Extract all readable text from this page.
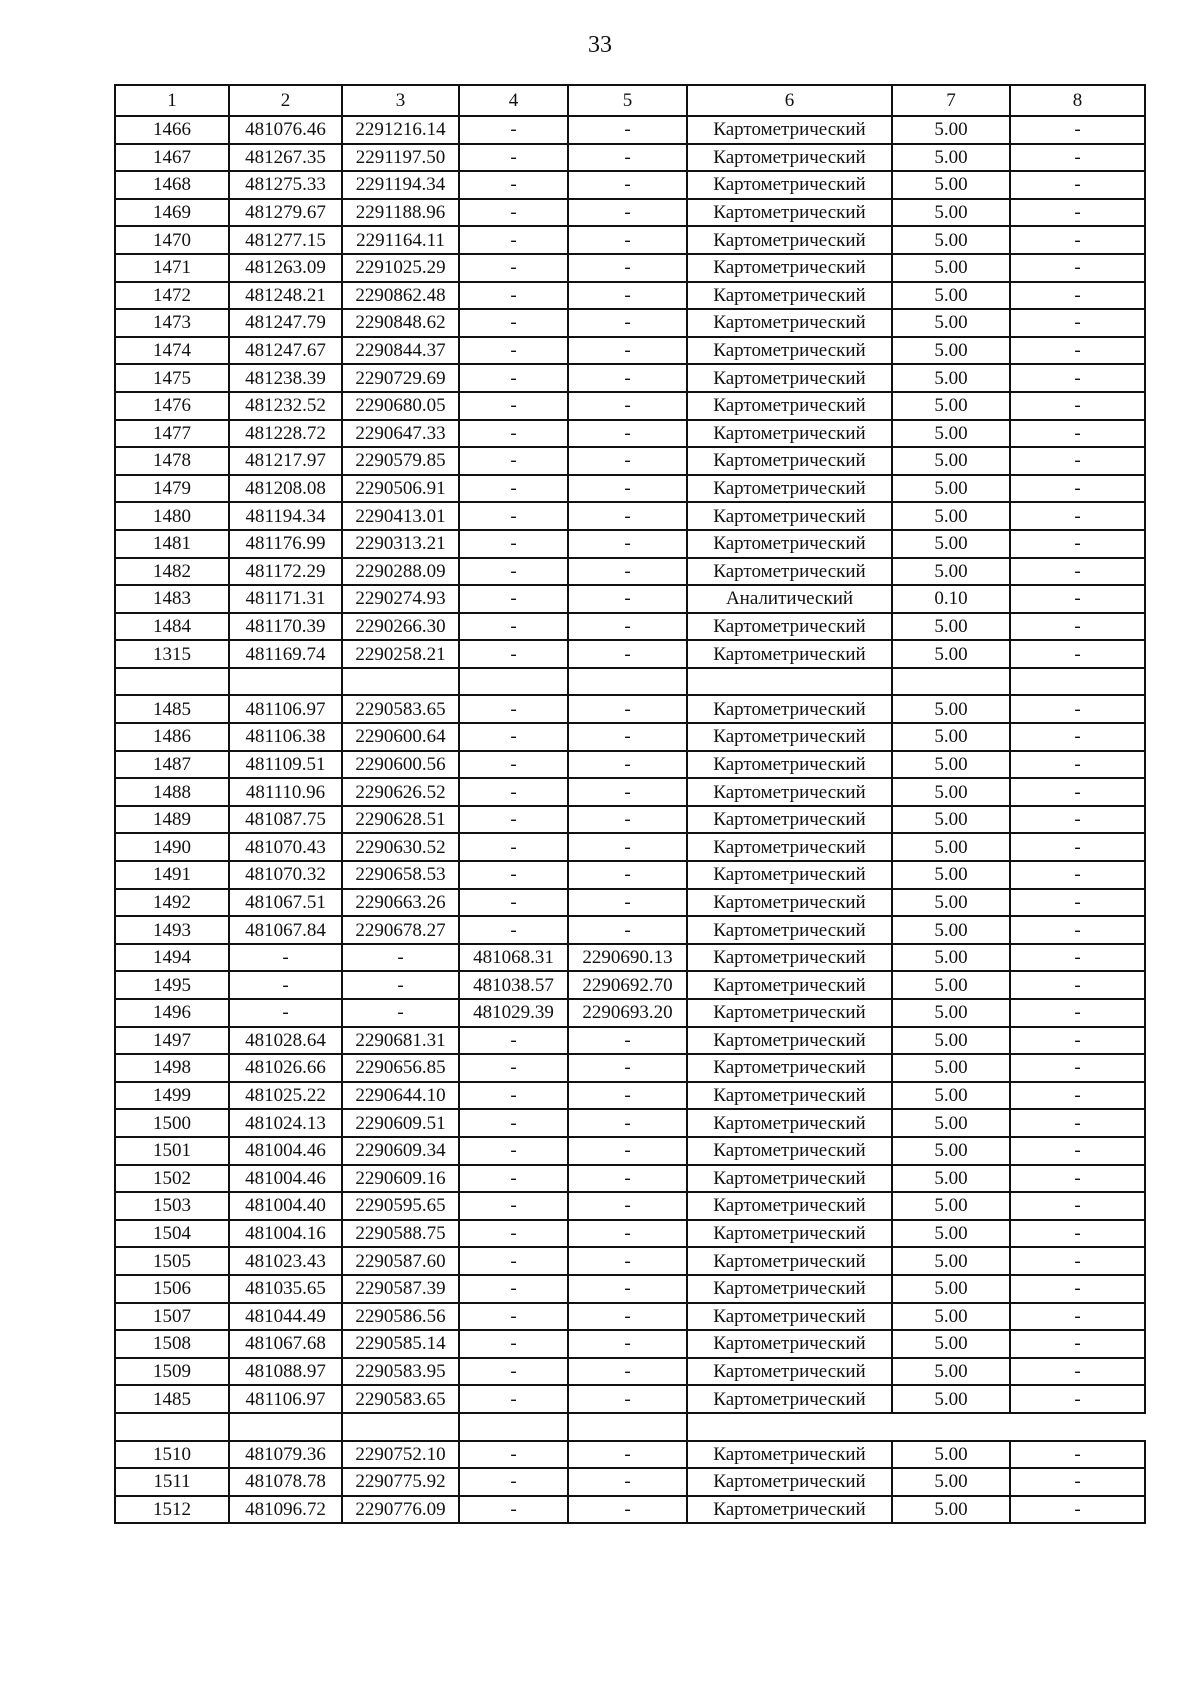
33
1	2	3	4	5	6	7	8
1466	481076.46	2291216.14	-	-	Картометрический	5.00	-
1467	481267.35	2291197.50	-	-	Картометрический	5.00	-
1468	481275.33	2291194.34	-	-	Картометрический	5.00	-
1469	481279.67	2291188.96	-	-	Картометрический	5.00	-
1470	481277.15	2291164.11	-	-	Картометрический	5.00	-
1471	481263.09	2291025.29	-	-	Картометрический	5.00	-
1472	481248.21	2290862.48	-	-	Картометрический	5.00	-
1473	481247.79	2290848.62	-	-	Картометрический	5.00	-
1474	481247.67	2290844.37	-	-	Картометрический	5.00	-
1475	481238.39	2290729.69	-	-	Картометрический	5.00	-
1476	481232.52	2290680.05	-	-	Картометрический	5.00	-
1477	481228.72	2290647.33	-	-	Картометрический	5.00	-
1478	481217.97	2290579.85	-	-	Картометрический	5.00	-
1479	481208.08	2290506.91	-	-	Картометрический	5.00	-
1480	481194.34	2290413.01	-	-	Картометрический	5.00	-
1481	481176.99	2290313.21	-	-	Картометрический	5.00	-
1482	481172.29	2290288.09	-	-	Картометрический	5.00	-
1483	481171.31	2290274.93	-	-	Аналитический	0.10	-
1484	481170.39	2290266.30	-	-	Картометрический	5.00	-
1315	481169.74	2290258.21	-	-	Картометрический	5.00	-

1485	481106.97	2290583.65	-	-	Картометрический	5.00	-
1486	481106.38	2290600.64	-	-	Картометрический	5.00	-
1487	481109.51	2290600.56	-	-	Картометрический	5.00	-
1488	481110.96	2290626.52	-	-	Картометрический	5.00	-
1489	481087.75	2290628.51	-	-	Картометрический	5.00	-
1490	481070.43	2290630.52	-	-	Картометрический	5.00	-
1491	481070.32	2290658.53	-	-	Картометрический	5.00	-
1492	481067.51	2290663.26	-	-	Картометрический	5.00	-
1493	481067.84	2290678.27	-	-	Картометрический	5.00	-
1494	-	-	481068.31	2290690.13	Картометрический	5.00	-
1495	-	-	481038.57	2290692.70	Картометрический	5.00	-
1496	-	-	481029.39	2290693.20	Картометрический	5.00	-
1497	481028.64	2290681.31	-	-	Картометрический	5.00	-
1498	481026.66	2290656.85	-	-	Картометрический	5.00	-
1499	481025.22	2290644.10	-	-	Картометрический	5.00	-
1500	481024.13	2290609.51	-	-	Картометрический	5.00	-
1501	481004.46	2290609.34	-	-	Картометрический	5.00	-
1502	481004.46	2290609.16	-	-	Картометрический	5.00	-
1503	481004.40	2290595.65	-	-	Картометрический	5.00	-
1504	481004.16	2290588.75	-	-	Картометрический	5.00	-
1505	481023.43	2290587.60	-	-	Картометрический	5.00	-
1506	481035.65	2290587.39	-	-	Картометрический	5.00	-
1507	481044.49	2290586.56	-	-	Картометрический	5.00	-
1508	481067.68	2290585.14	-	-	Картометрический	5.00	-
1509	481088.97	2290583.95	-	-	Картометрический	5.00	-
1485	481106.97	2290583.65	-	-	Картометрический	5.00	-

1510	481079.36	2290752.10	-	-	Картометрический	5.00	-
1511	481078.78	2290775.92	-	-	Картометрический	5.00	-
1512	481096.72	2290776.09	-	-	Картометрический	5.00	-
